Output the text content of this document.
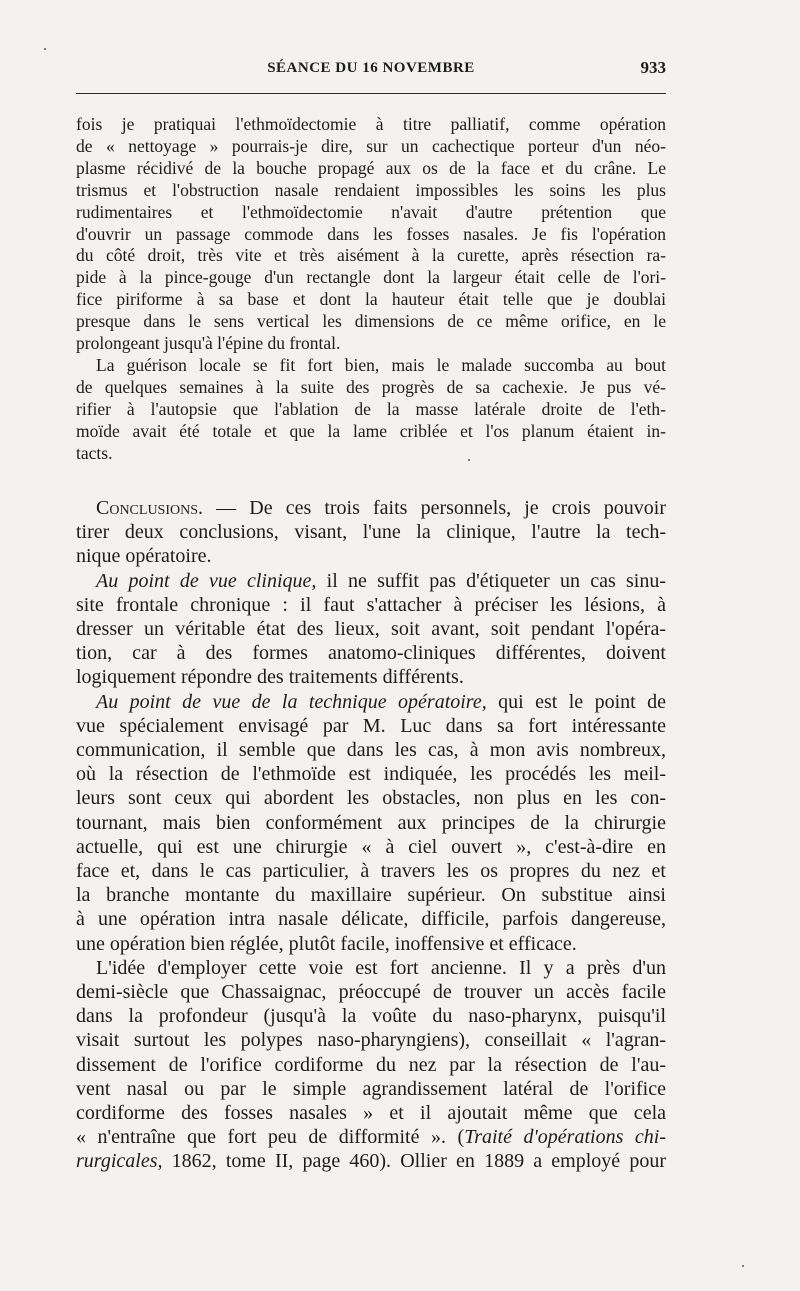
SÉANCE DU 16 NOVEMBRE	933
fois je pratiquai l'ethmoïdectomie à titre palliatif, comme opération
de « nettoyage » pourrais-je dire, sur un cachectique porteur d'un néo-
plasme récidivé de la bouche propagé aux os de la face et du crâne. Le
trismus et l'obstruction nasale rendaient impossibles les soins les plus
rudimentaires et l'ethmoïdectomie n'avait d'autre prétention que
d'ouvrir un passage commode dans les fosses nasales. Je fis l'opération
du côté droit, très vite et très aisément à la curette, après résection ra-
pide à la pince-gouge d'un rectangle dont la largeur était celle de l'ori-
fice piriforme à sa base et dont la hauteur était telle que je doublai
presque dans le sens vertical les dimensions de ce même orifice, en le
prolongeant jusqu'à l'épine du frontal.
La guérison locale se fit fort bien, mais le malade succomba au bout
de quelques semaines à la suite des progrès de sa cachexie. Je pus vé-
rifier à l'autopsie que l'ablation de la masse latérale droite de l'eth-
moïde avait été totale et que la lame criblée et l'os planum étaient in-
tacts.
Conclusions. — De ces trois faits personnels, je crois pouvoir
tirer deux conclusions, visant, l'une la clinique, l'autre la tech-
nique opératoire.
Au point de vue clinique, il ne suffit pas d'étiqueter un cas sinu-
site frontale chronique : il faut s'attacher à préciser les lésions, à
dresser un véritable état des lieux, soit avant, soit pendant l'opéra-
tion, car à des formes anatomo-cliniques différentes, doivent
logiquement répondre des traitements différents.
Au point de vue de la technique opératoire, qui est le point de
vue spécialement envisagé par M. Luc dans sa fort intéressante
communication, il semble que dans les cas, à mon avis nombreux,
où la résection de l'ethmoïde est indiquée, les procédés les meil-
leurs sont ceux qui abordent les obstacles, non plus en les con-
tournant, mais bien conformément aux principes de la chirurgie
actuelle, qui est une chirurgie « à ciel ouvert », c'est-à-dire en
face et, dans le cas particulier, à travers les os propres du nez et
la branche montante du maxillaire supérieur. On substitue ainsi
à une opération intra nasale délicate, difficile, parfois dangereuse,
une opération bien réglée, plutôt facile, inoffensive et efficace.
L'idée d'employer cette voie est fort ancienne. Il y a près d'un
demi-siècle que Chassaignac, préoccupé de trouver un accès facile
dans la profondeur (jusqu'à la voûte du naso-pharynx, puisqu'il
visait surtout les polypes naso-pharyngiens), conseillait « l'agran-
dissement de l'orifice cordiforme du nez par la résection de l'au-
vent nasal ou par le simple agrandissement latéral de l'orifice
cordiforme des fosses nasales » et il ajoutait même que cela
« n'entraîne que fort peu de difformité ». (Traité d'opérations chi-
rurgicales, 1862, tome II, page 460). Ollier en 1889 a employé pour
